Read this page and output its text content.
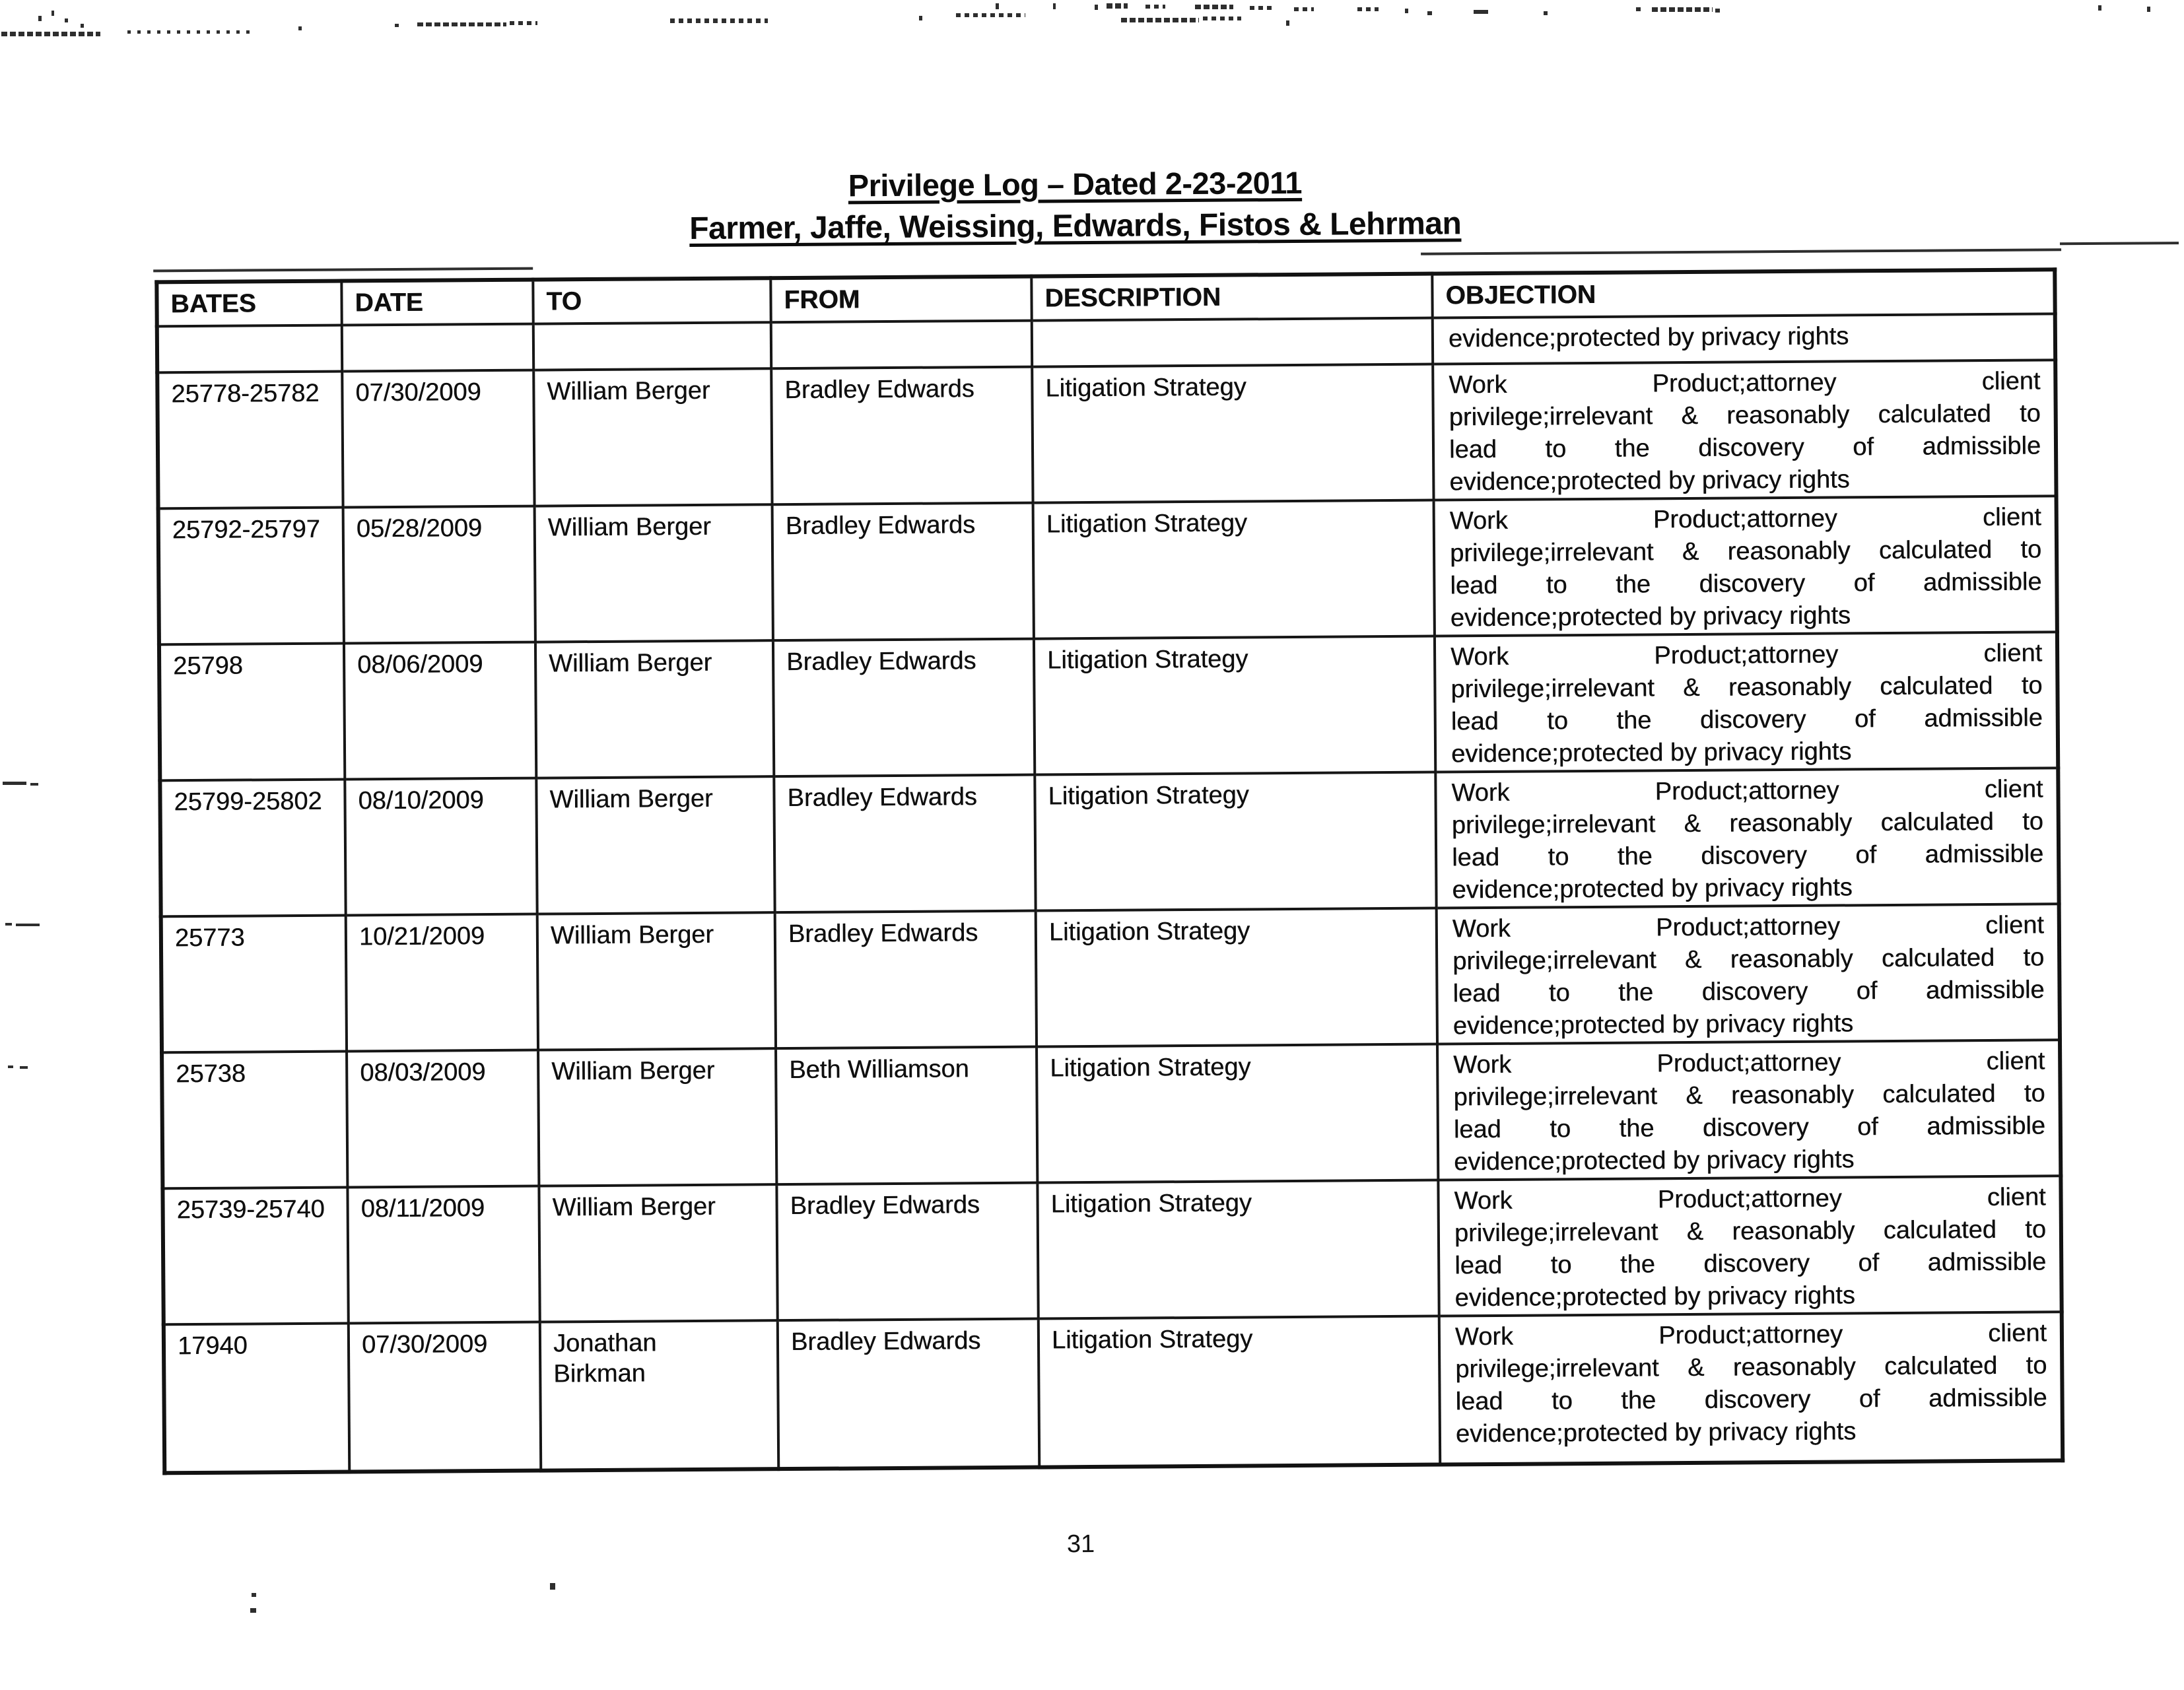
Privilege Log – Dated 2-23-2011
Farmer, Jaffe, Weissing, Edwards, Fistos & Lehrman
BATES	DATE	TO	FROM	DESCRIPTION	OBJECTION

					evidence;protected by privacy rights

25778-25782	07/30/2009	William Berger	Bradley Edwards	Litigation Strategy	Work Product;attorney client
privilege;irrelevant & reasonably calculated to
lead to the discovery of admissible
evidence;protected by privacy rights

25792-25797	05/28/2009	William Berger	Bradley Edwards	Litigation Strategy	Work Product;attorney client
privilege;irrelevant & reasonably calculated to
lead to the discovery of admissible
evidence;protected by privacy rights

25798	08/06/2009	William Berger	Bradley Edwards	Litigation Strategy	Work Product;attorney client
privilege;irrelevant & reasonably calculated to
lead to the discovery of admissible
evidence;protected by privacy rights

25799-25802	08/10/2009	William Berger	Bradley Edwards	Litigation Strategy	Work Product;attorney client
privilege;irrelevant & reasonably calculated to
lead to the discovery of admissible
evidence;protected by privacy rights

25773	10/21/2009	William Berger	Bradley Edwards	Litigation Strategy	Work Product;attorney client
privilege;irrelevant & reasonably calculated to
lead to the discovery of admissible
evidence;protected by privacy rights

25738	08/03/2009	William Berger	Beth Williamson	Litigation Strategy	Work Product;attorney client
privilege;irrelevant & reasonably calculated to
lead to the discovery of admissible
evidence;protected by privacy rights

25739-25740	08/11/2009	William Berger	Bradley Edwards	Litigation Strategy	Work Product;attorney client
privilege;irrelevant & reasonably calculated to
lead to the discovery of admissible
evidence;protected by privacy rights

17940	07/30/2009	Jonathan Birkman	Bradley Edwards	Litigation Strategy	Work Product;attorney client
privilege;irrelevant & reasonably calculated to
lead to the discovery of admissible
evidence;protected by privacy rights
31
